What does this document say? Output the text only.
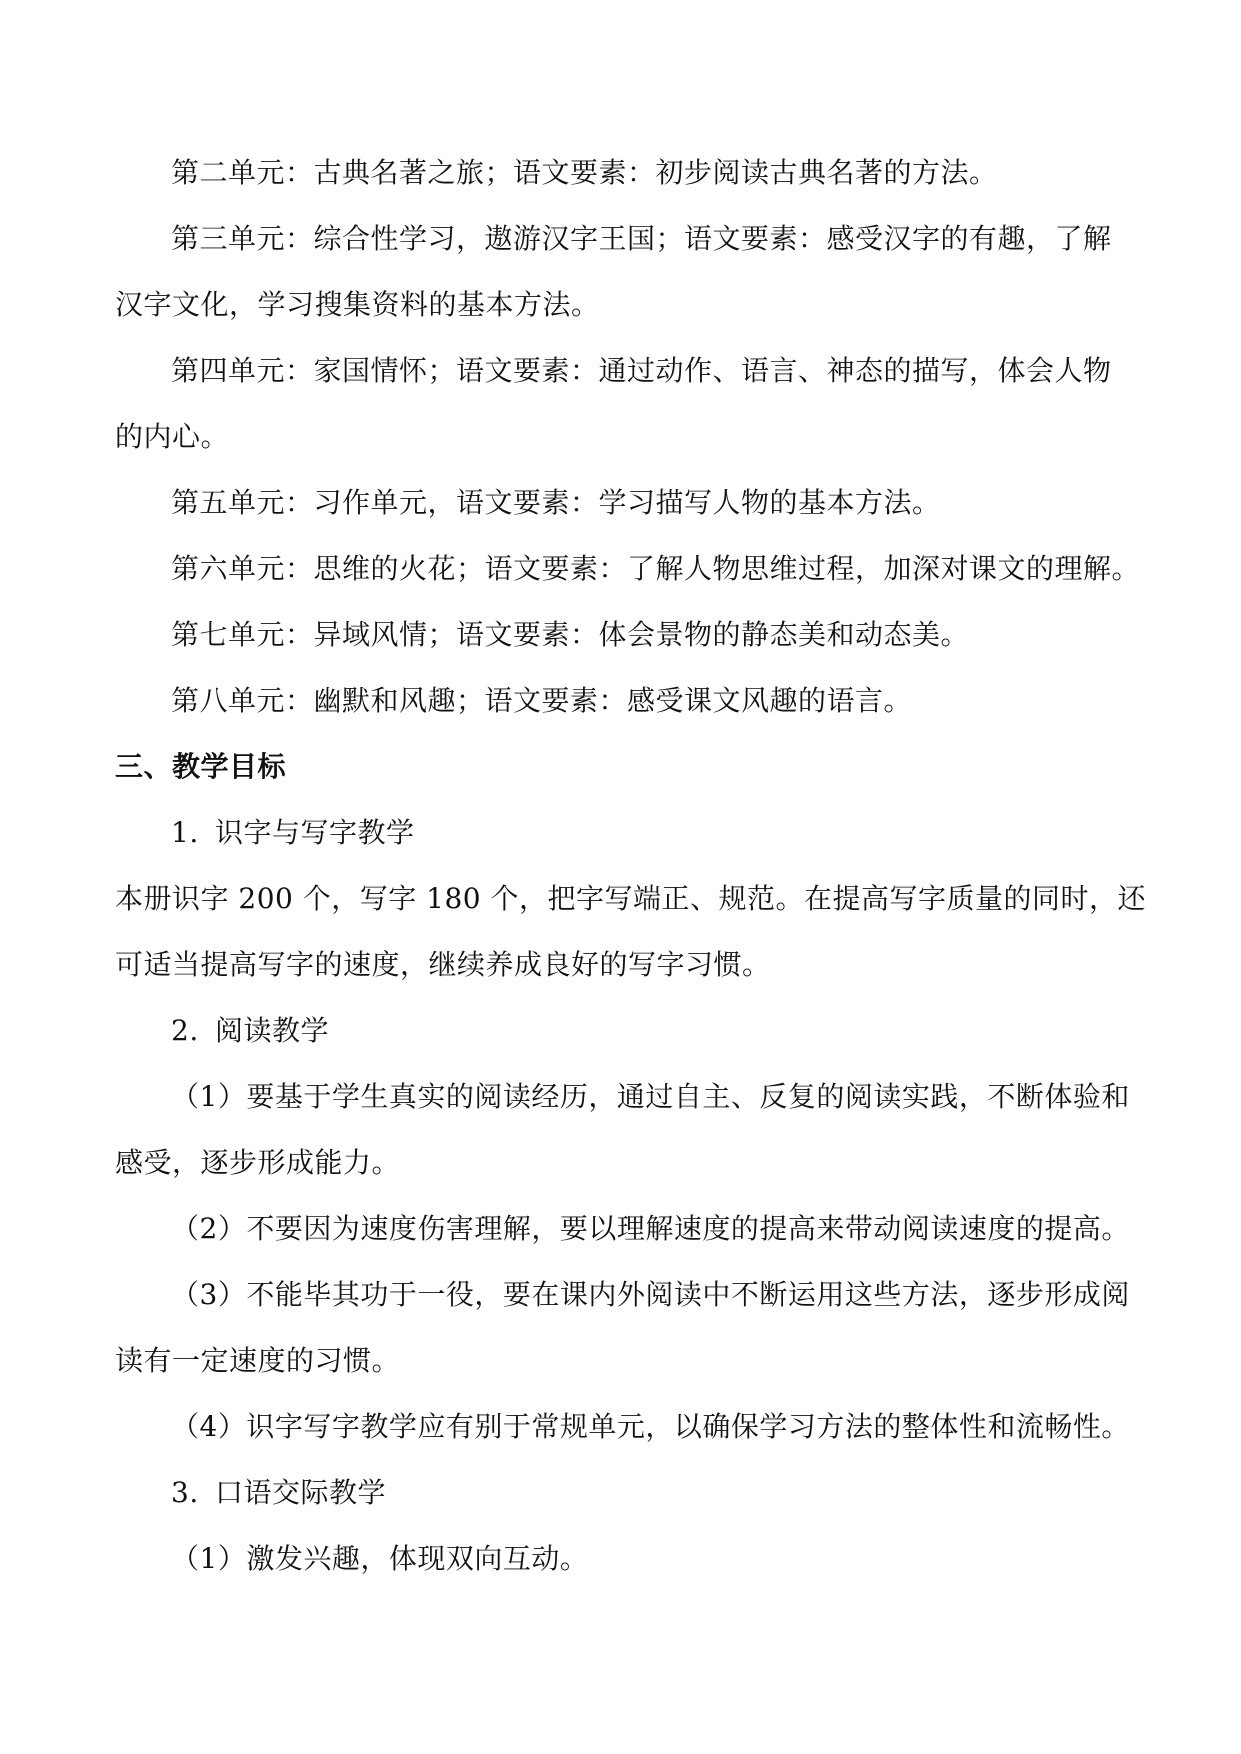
第二单元：古典名著之旅；语文要素：初步阅读古典名著的方法。
第三单元：综合性学习，遨游汉字王国；语文要素：感受汉字的有趣，了解
汉字文化，学习搜集资料的基本方法。
第四单元：家国情怀；语文要素：通过动作、语言、神态的描写，体会人物
的内心。
第五单元：习作单元，语文要素：学习描写人物的基本方法。
第六单元：思维的火花；语文要素：了解人物思维过程，加深对课文的理解。
第七单元：异域风情；语文要素：体会景物的静态美和动态美。
第八单元：幽默和风趣；语文要素：感受课文风趣的语言。
三、教学目标
1. 识字与写字教学
本册识字 200 个，写字 180 个，把字写端正、规范。在提高写字质量的同时，还
可适当提高写字的速度，继续养成良好的写字习惯。
2. 阅读教学
（1）要基于学生真实的阅读经历，通过自主、反复的阅读实践，不断体验和
感受，逐步形成能力。
（2）不要因为速度伤害理解，要以理解速度的提高来带动阅读速度的提高。
（3）不能毕其功于一役，要在课内外阅读中不断运用这些方法，逐步形成阅
读有一定速度的习惯。
（4）识字写字教学应有别于常规单元，以确保学习方法的整体性和流畅性。
3. 口语交际教学
（1）激发兴趣，体现双向互动。
